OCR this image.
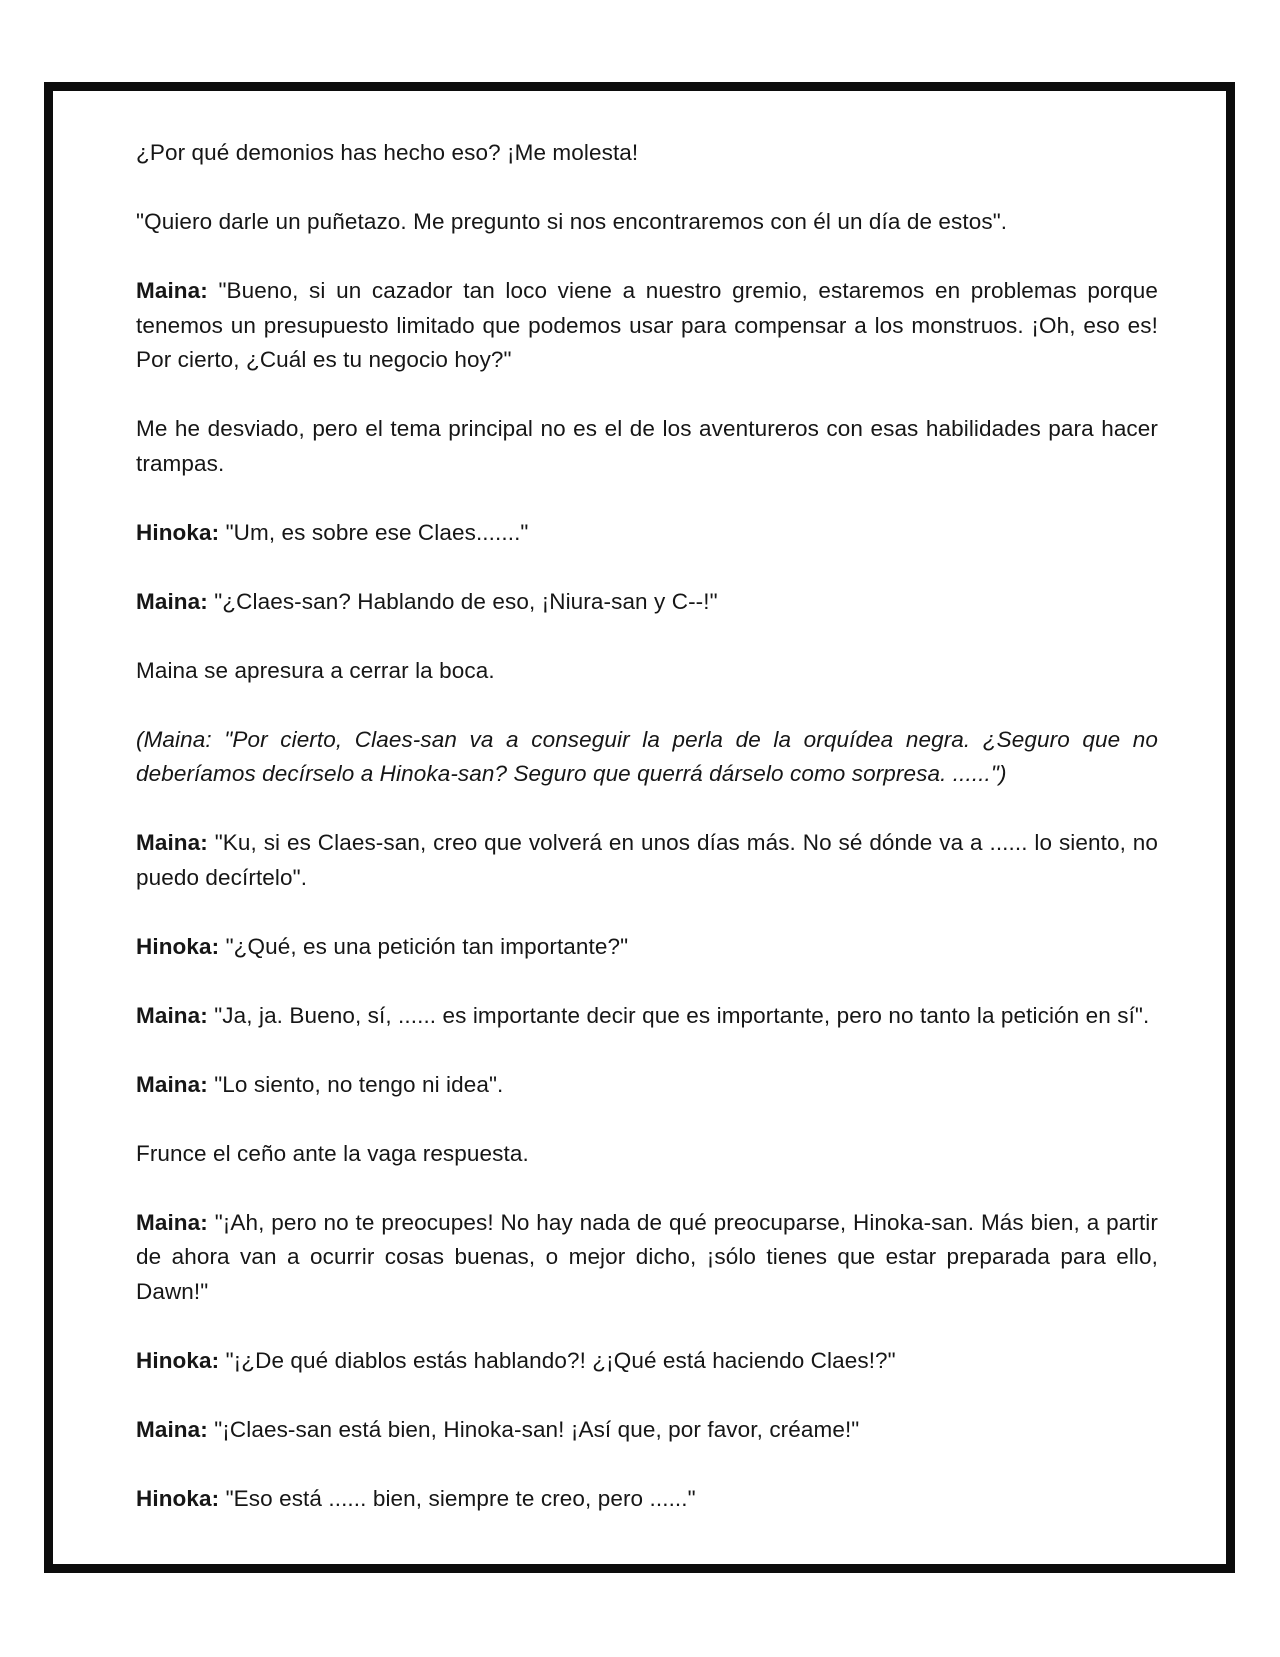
¿Por qué demonios has hecho eso? ¡Me molesta!

"Quiero darle un puñetazo. Me pregunto si nos encontraremos con él un día de estos".

Maina: "Bueno, si un cazador tan loco viene a nuestro gremio, estaremos en problemas porque tenemos un presupuesto limitado que podemos usar para compensar a los monstruos. ¡Oh, eso es! Por cierto, ¿Cuál es tu negocio hoy?"

Me he desviado, pero el tema principal no es el de los aventureros con esas habilidades para hacer trampas.

Hinoka: "Um, es sobre ese Claes......."

Maina: "¿Claes-san? Hablando de eso, ¡Niura-san y C--!"

Maina se apresura a cerrar la boca.

(Maina: "Por cierto, Claes-san va a conseguir la perla de la orquídea negra. ¿Seguro que no deberíamos decírselo a Hinoka-san? Seguro que querrá dárselo como sorpresa. ......")

Maina: "Ku, si es Claes-san, creo que volverá en unos días más. No sé dónde va a ...... lo siento, no puedo decírtelo".

Hinoka: "¿Qué, es una petición tan importante?"

Maina: "Ja, ja. Bueno, sí, ...... es importante decir que es importante, pero no tanto la petición en sí".

Maina: "Lo siento, no tengo ni idea".

Frunce el ceño ante la vaga respuesta.

Maina: "¡Ah, pero no te preocupes! No hay nada de qué preocuparse, Hinoka-san. Más bien, a partir de ahora van a ocurrir cosas buenas, o mejor dicho, ¡sólo tienes que estar preparada para ello, Dawn!"

Hinoka: "¡¿De qué diablos estás hablando?! ¿¡Qué está haciendo Claes!?"

Maina: "¡Claes-san está bien, Hinoka-san! ¡Así que, por favor, créame!"

Hinoka: "Eso está ...... bien, siempre te creo, pero ......"
